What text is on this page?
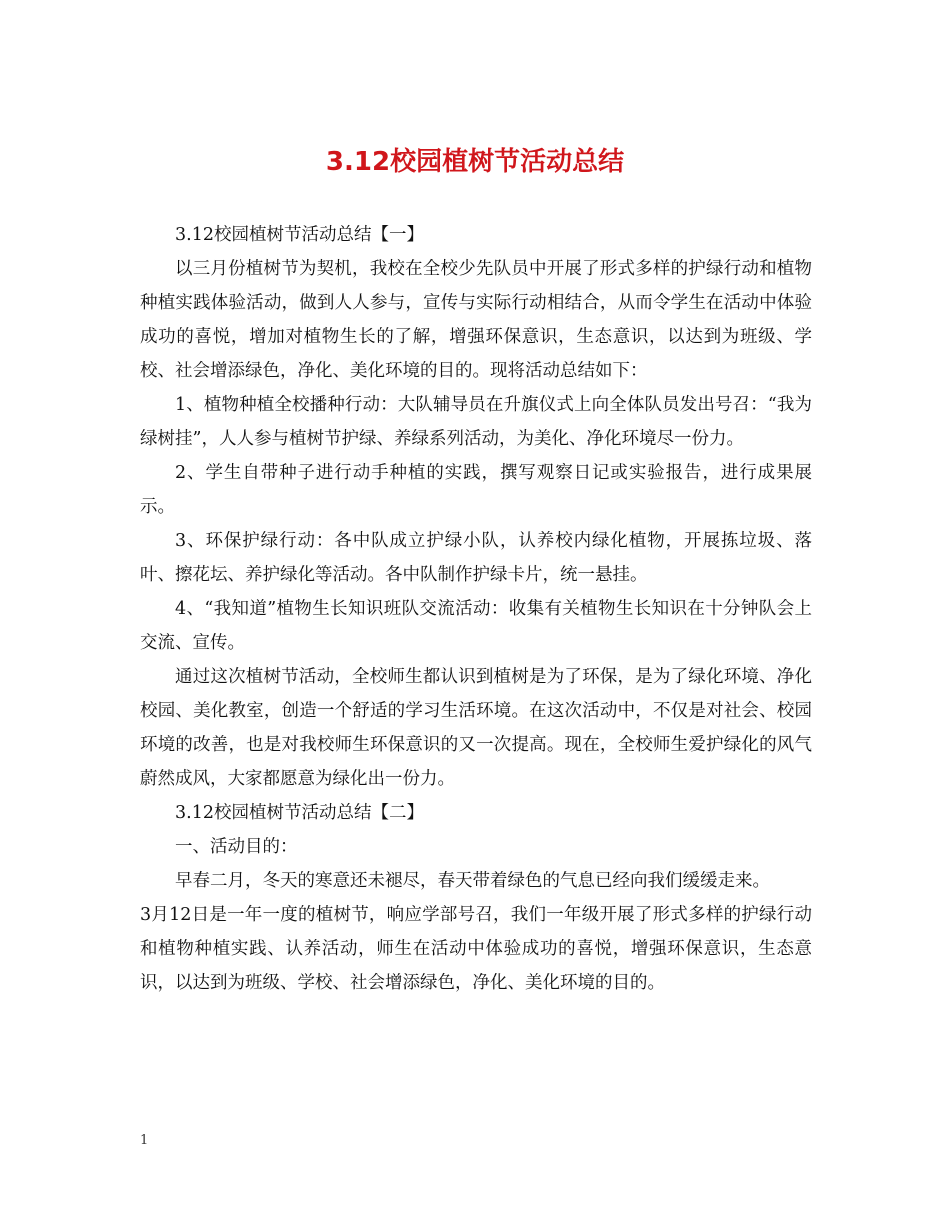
3.12校园植树节活动总结

3.12校园植树节活动总结【一】

以三月份植树节为契机，我校在全校少先队员中开展了形式多样的护绿行动和植物种植实践体验活动，做到人人参与，宣传与实际行动相结合，从而令学生在活动中体验成功的喜悦，增加对植物生长的了解，增强环保意识，生态意识，以达到为班级、学校、社会增添绿色，净化、美化环境的目的。现将活动总结如下：

1、植物种植全校播种行动：大队辅导员在升旗仪式上向全体队员发出号召：“我为绿树挂”，人人参与植树节护绿、养绿系列活动，为美化、净化环境尽一份力。

2、学生自带种子进行动手种植的实践，撰写观察日记或实验报告，进行成果展示。

3、环保护绿行动：各中队成立护绿小队，认养校内绿化植物，开展拣垃圾、落叶、擦花坛、养护绿化等活动。各中队制作护绿卡片，统一悬挂。

4、“我知道”植物生长知识班队交流活动：收集有关植物生长知识在十分钟队会上交流、宣传。

通过这次植树节活动，全校师生都认识到植树是为了环保，是为了绿化环境、净化校园、美化教室，创造一个舒适的学习生活环境。在这次活动中，不仅是对社会、校园环境的改善，也是对我校师生环保意识的又一次提高。现在，全校师生爱护绿化的风气蔚然成风，大家都愿意为绿化出一份力。

3.12校园植树节活动总结【二】

一、活动目的：

早春二月，冬天的寒意还未褪尽，春天带着绿色的气息已经向我们缓缓走来。

3月12日是一年一度的植树节，响应学部号召，我们一年级开展了形式多样的护绿行动和植物种植实践、认养活动，师生在活动中体验成功的喜悦，增强环保意识，生态意识，以达到为班级、学校、社会增添绿色，净化、美化环境的目的。

1
